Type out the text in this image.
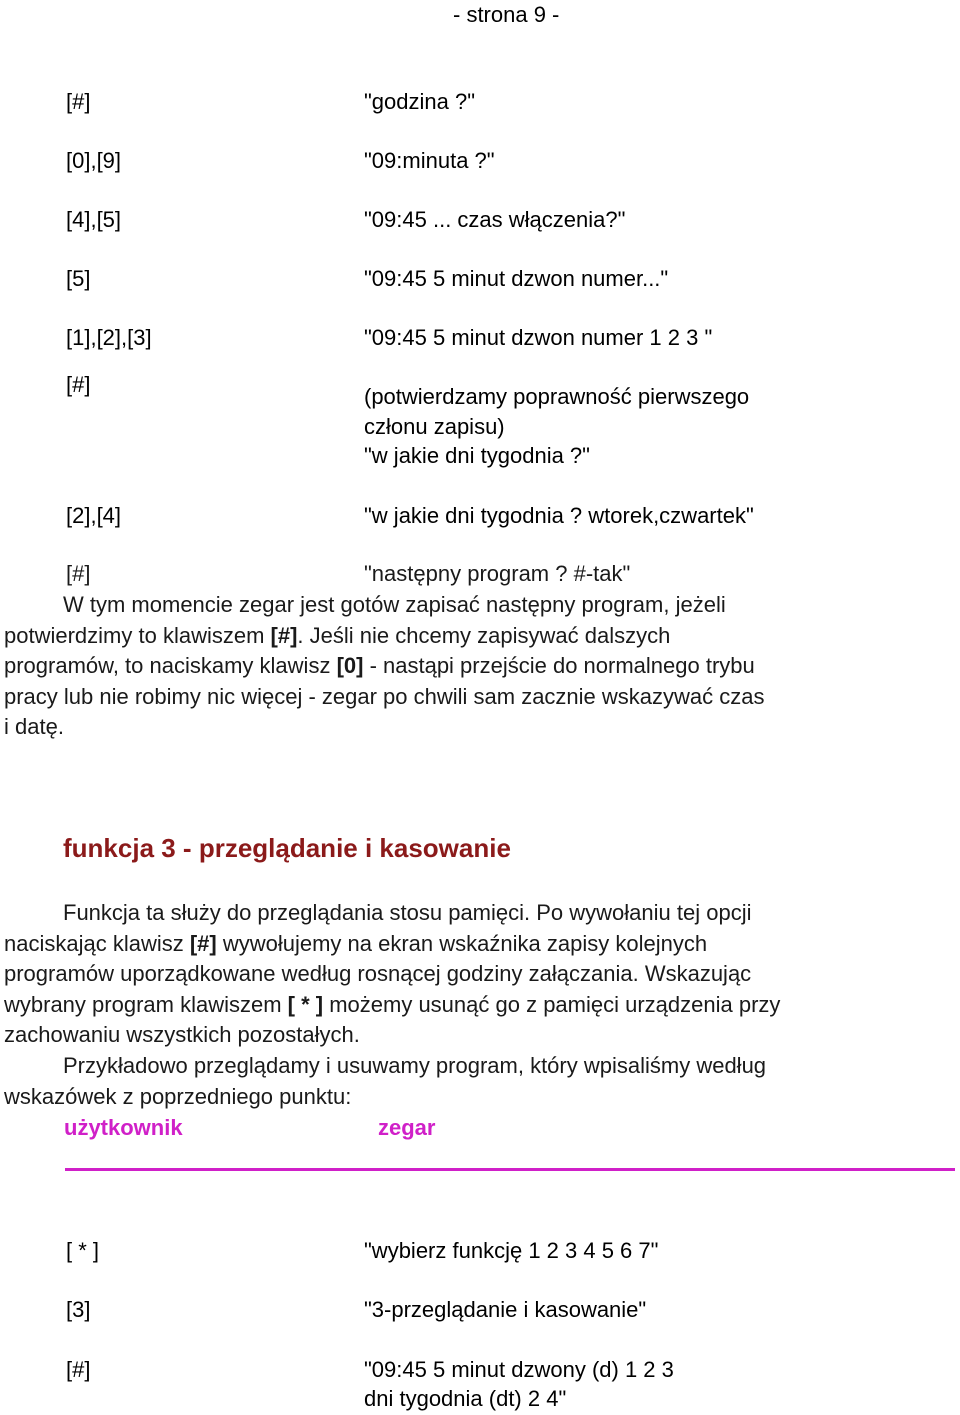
- strona 9 -
[#]	"godzina ?"
[0],[9]	"09:minuta ?"
[4],[5]	"09:45 ... czas włączenia?"
[5]	"09:45 5 minut dzwon numer..."
[1],[2],[3]	"09:45 5 minut dzwon numer 1 2 3 "
[#]	(potwierdzamy poprawność pierwszego
członu zapisu)
"w jakie dni tygodnia ?"
[2],[4]	"w jakie dni tygodnia ? wtorek,czwartek"
[#]	"następny program ? #-tak"
W tym momencie zegar jest gotów zapisać następny program, jeżeli
potwierdzimy to klawiszem [#]. Jeśli nie chcemy zapisywać dalszych
programów, to naciskamy klawisz [0] - nastąpi przejście do normalnego trybu
pracy lub nie robimy nic więcej - zegar po chwili sam zacznie wskazywać czas
i datę.
funkcja 3 - przeglądanie i kasowanie
Funkcja ta służy do przeglądania stosu pamięci. Po wywołaniu tej opcji
naciskając klawisz [#] wywołujemy na ekran wskaźnika zapisy kolejnych
programów uporządkowane według rosnącej godziny załączania. Wskazując
wybrany program klawiszem [ * ] możemy usunąć go z pamięci urządzenia przy
zachowaniu wszystkich pozostałych.
Przykładowo przeglądamy i usuwamy program, który wpisaliśmy według
wskazówek z poprzedniego punktu:
użytkownik	zegar
[ * ]	"wybierz funkcję 1 2 3 4 5 6 7"
[3]	"3-przeglądanie i kasowanie"
[#]	"09:45 5 minut dzwony (d) 1 2 3
dni tygodnia (dt) 2 4"
